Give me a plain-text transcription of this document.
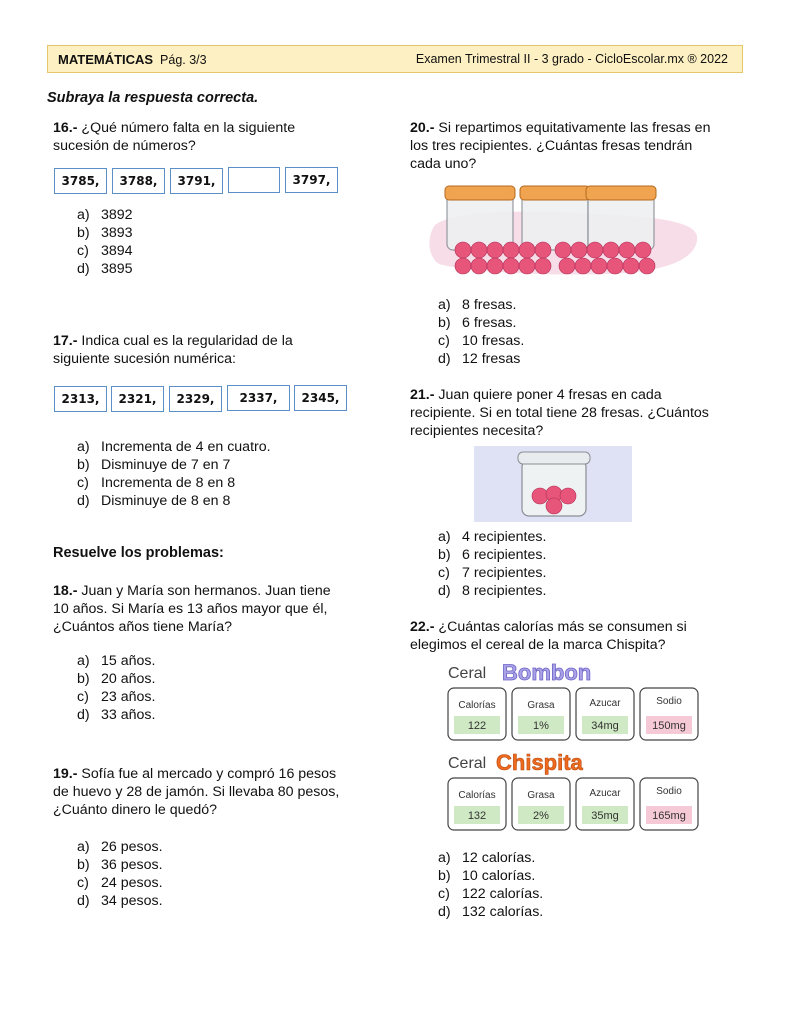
MATEMÁTICAS Pág. 3/3	Examen Trimestral II - 3 grado - CicloEscolar.mx ® 2022
Subraya la respuesta correcta.
16.- ¿Qué número falta en la siguiente
sucesión de números?
3785,	3788,	3791,	3797,
a) 3892
b) 3893
c) 3894
d) 3895
17.- Indica cual es la regularidad de la
siguiente sucesión numérica:
2313,	2321,	2329,	2337,	2345,
a) Incrementa de 4 en cuatro.
b) Disminuye de 7 en 7
c) Incrementa de 8 en 8
d) Disminuye de 8 en 8
Resuelve los problemas:
18.- Juan y María son hermanos. Juan tiene
10 años. Si María es 13 años mayor que él,
¿Cuántos años tiene María?
a) 15 años.
b) 20 años.
c) 23 años.
d) 33 años.
19.- Sofía fue al mercado y compró 16 pesos
de huevo y 28 de jamón. Si llevaba 80 pesos,
¿Cuánto dinero le quedó?
a) 26 pesos.
b) 36 pesos.
c) 24 pesos.
d) 34 pesos.
20.- Si repartimos equitativamente las fresas en
los tres recipientes. ¿Cuántas fresas tendrán
cada uno?
a) 8 fresas.
b) 6 fresas.
c) 10 fresas.
d) 12 fresas
21.- Juan quiere poner 4 fresas en cada
recipiente. Si en total tiene 28 fresas. ¿Cuántos
recipientes necesita?
a) 4 recipientes.
b) 6 recipientes.
c) 7 recipientes.
d) 8 recipientes.
22.- ¿Cuántas calorías más se consumen si
elegimos el cereal de la marca Chispita?
Ceral Bombon
Calorías
122
Grasa
1%
Azucar
34mg
Sodio
150mg
Ceral Chispita
Calorías
132
Grasa
2%
Azucar
35mg
Sodio
165mg
a) 12 calorías.
b) 10 calorías.
c) 122 calorías.
d) 132 calorías.
